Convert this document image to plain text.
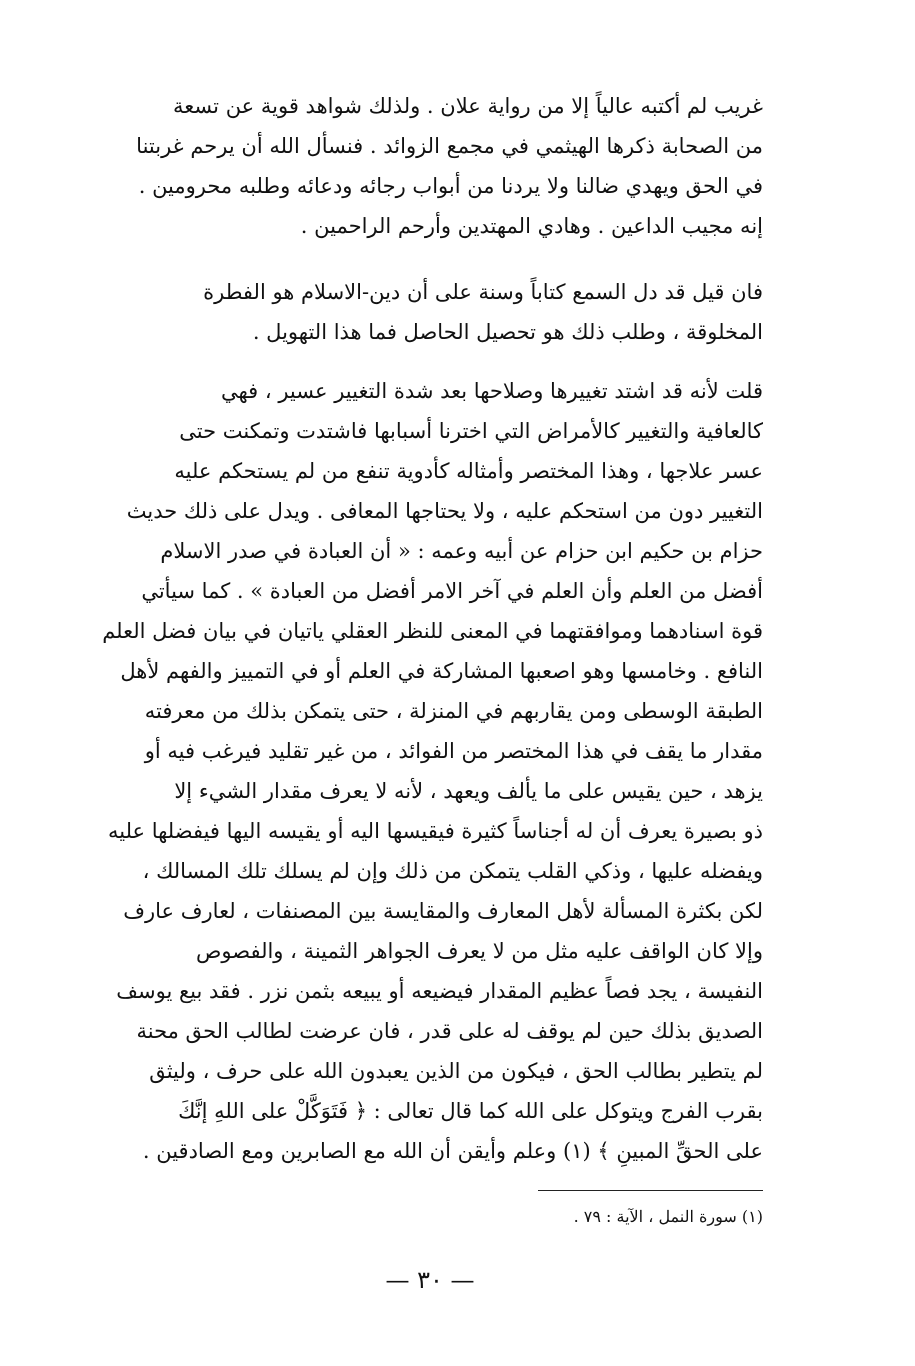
غريب لم أكتبه عالياً إلا من رواية علان . ولذلك شواهد قوية عن تسعة
من الصحابة ذكرها الهيثمي في مجمع الزوائد . فنسأل الله أن يرحم غربتنا
في الحق ويهدي ضالنا ولا يردنا من أبواب رجائه ودعائه وطلبه محرومين .
إنه مجيب الداعين . وهادي المهتدين وأرحم الراحمين .
فان قيل قد دل السمع كتاباً وسنة على أن دين-الاسلام هو الفطرة
المخلوقة ، وطلب ذلك هو تحصيل الحاصل فما هذا التهويل .
قلت لأنه قد اشتد تغييرها وصلاحها بعد شدة التغيير عسير ، فهي
كالعافية والتغيير كالأمراض التي اخترنا أسبابها فاشتدت وتمكنت حتى
عسر علاجها ، وهذا المختصر وأمثاله كأدوية تنفع من لم يستحكم عليه
التغيير دون من استحكم عليه ، ولا يحتاجها المعافى . ويدل على ذلك حديث
حزام بن حكيم ابن حزام عن أبيه وعمه : « أن العبادة في صدر الاسلام
أفضل من العلم وأن العلم في آخر الامر أفضل من العبادة » . كما سيأتي
قوة اسنادهما وموافقتهما في المعنى للنظر العقلي ياتيان في بيان فضل العلم
النافع . وخامسها وهو اصعبها المشاركة في العلم أو في التمييز والفهم لأهل
الطبقة الوسطى ومن يقاربهم في المنزلة ، حتى يتمكن بذلك من معرفته
مقدار ما يقف في هذا المختصر من الفوائد ، من غير تقليد فيرغب فيه أو
يزهد ، حين يقيس على ما يألف ويعهد ، لأنه لا يعرف مقدار الشيء إلا
ذو بصيرة يعرف أن له أجناساً كثيرة فيقيسها اليه أو يقيسه اليها فيفضلها عليه
ويفضله عليها ، وذكي القلب يتمكن من ذلك وإن لم يسلك تلك المسالك ،
لكن بكثرة المسألة لأهل المعارف والمقايسة بين المصنفات ، لعارف عارف
وإلا كان الواقف عليه مثل من لا يعرف الجواهر الثمينة ، والفصوص
النفيسة ، يجد فصاً عظيم المقدار فيضيعه أو يبيعه بثمن نزر . فقد بيع يوسف
الصديق بذلك حين لم يوقف له على قدر ، فان عرضت لطالب الحق محنة
لم يتطير بطالب الحق ، فيكون من الذين يعبدون الله على حرف ، وليثق
بقرب الفرج ويتوكل على الله كما قال تعالى : ﴿ فَتَوَكَّلْ على اللهِ إنَّكَ
على الحقِّ المبينِ ﴾ (١) وعلم وأيقن أن الله مع الصابرين ومع الصادقين .
(١) سورة النمل ، الآية : ٧٩ .
— ٣٠ —
